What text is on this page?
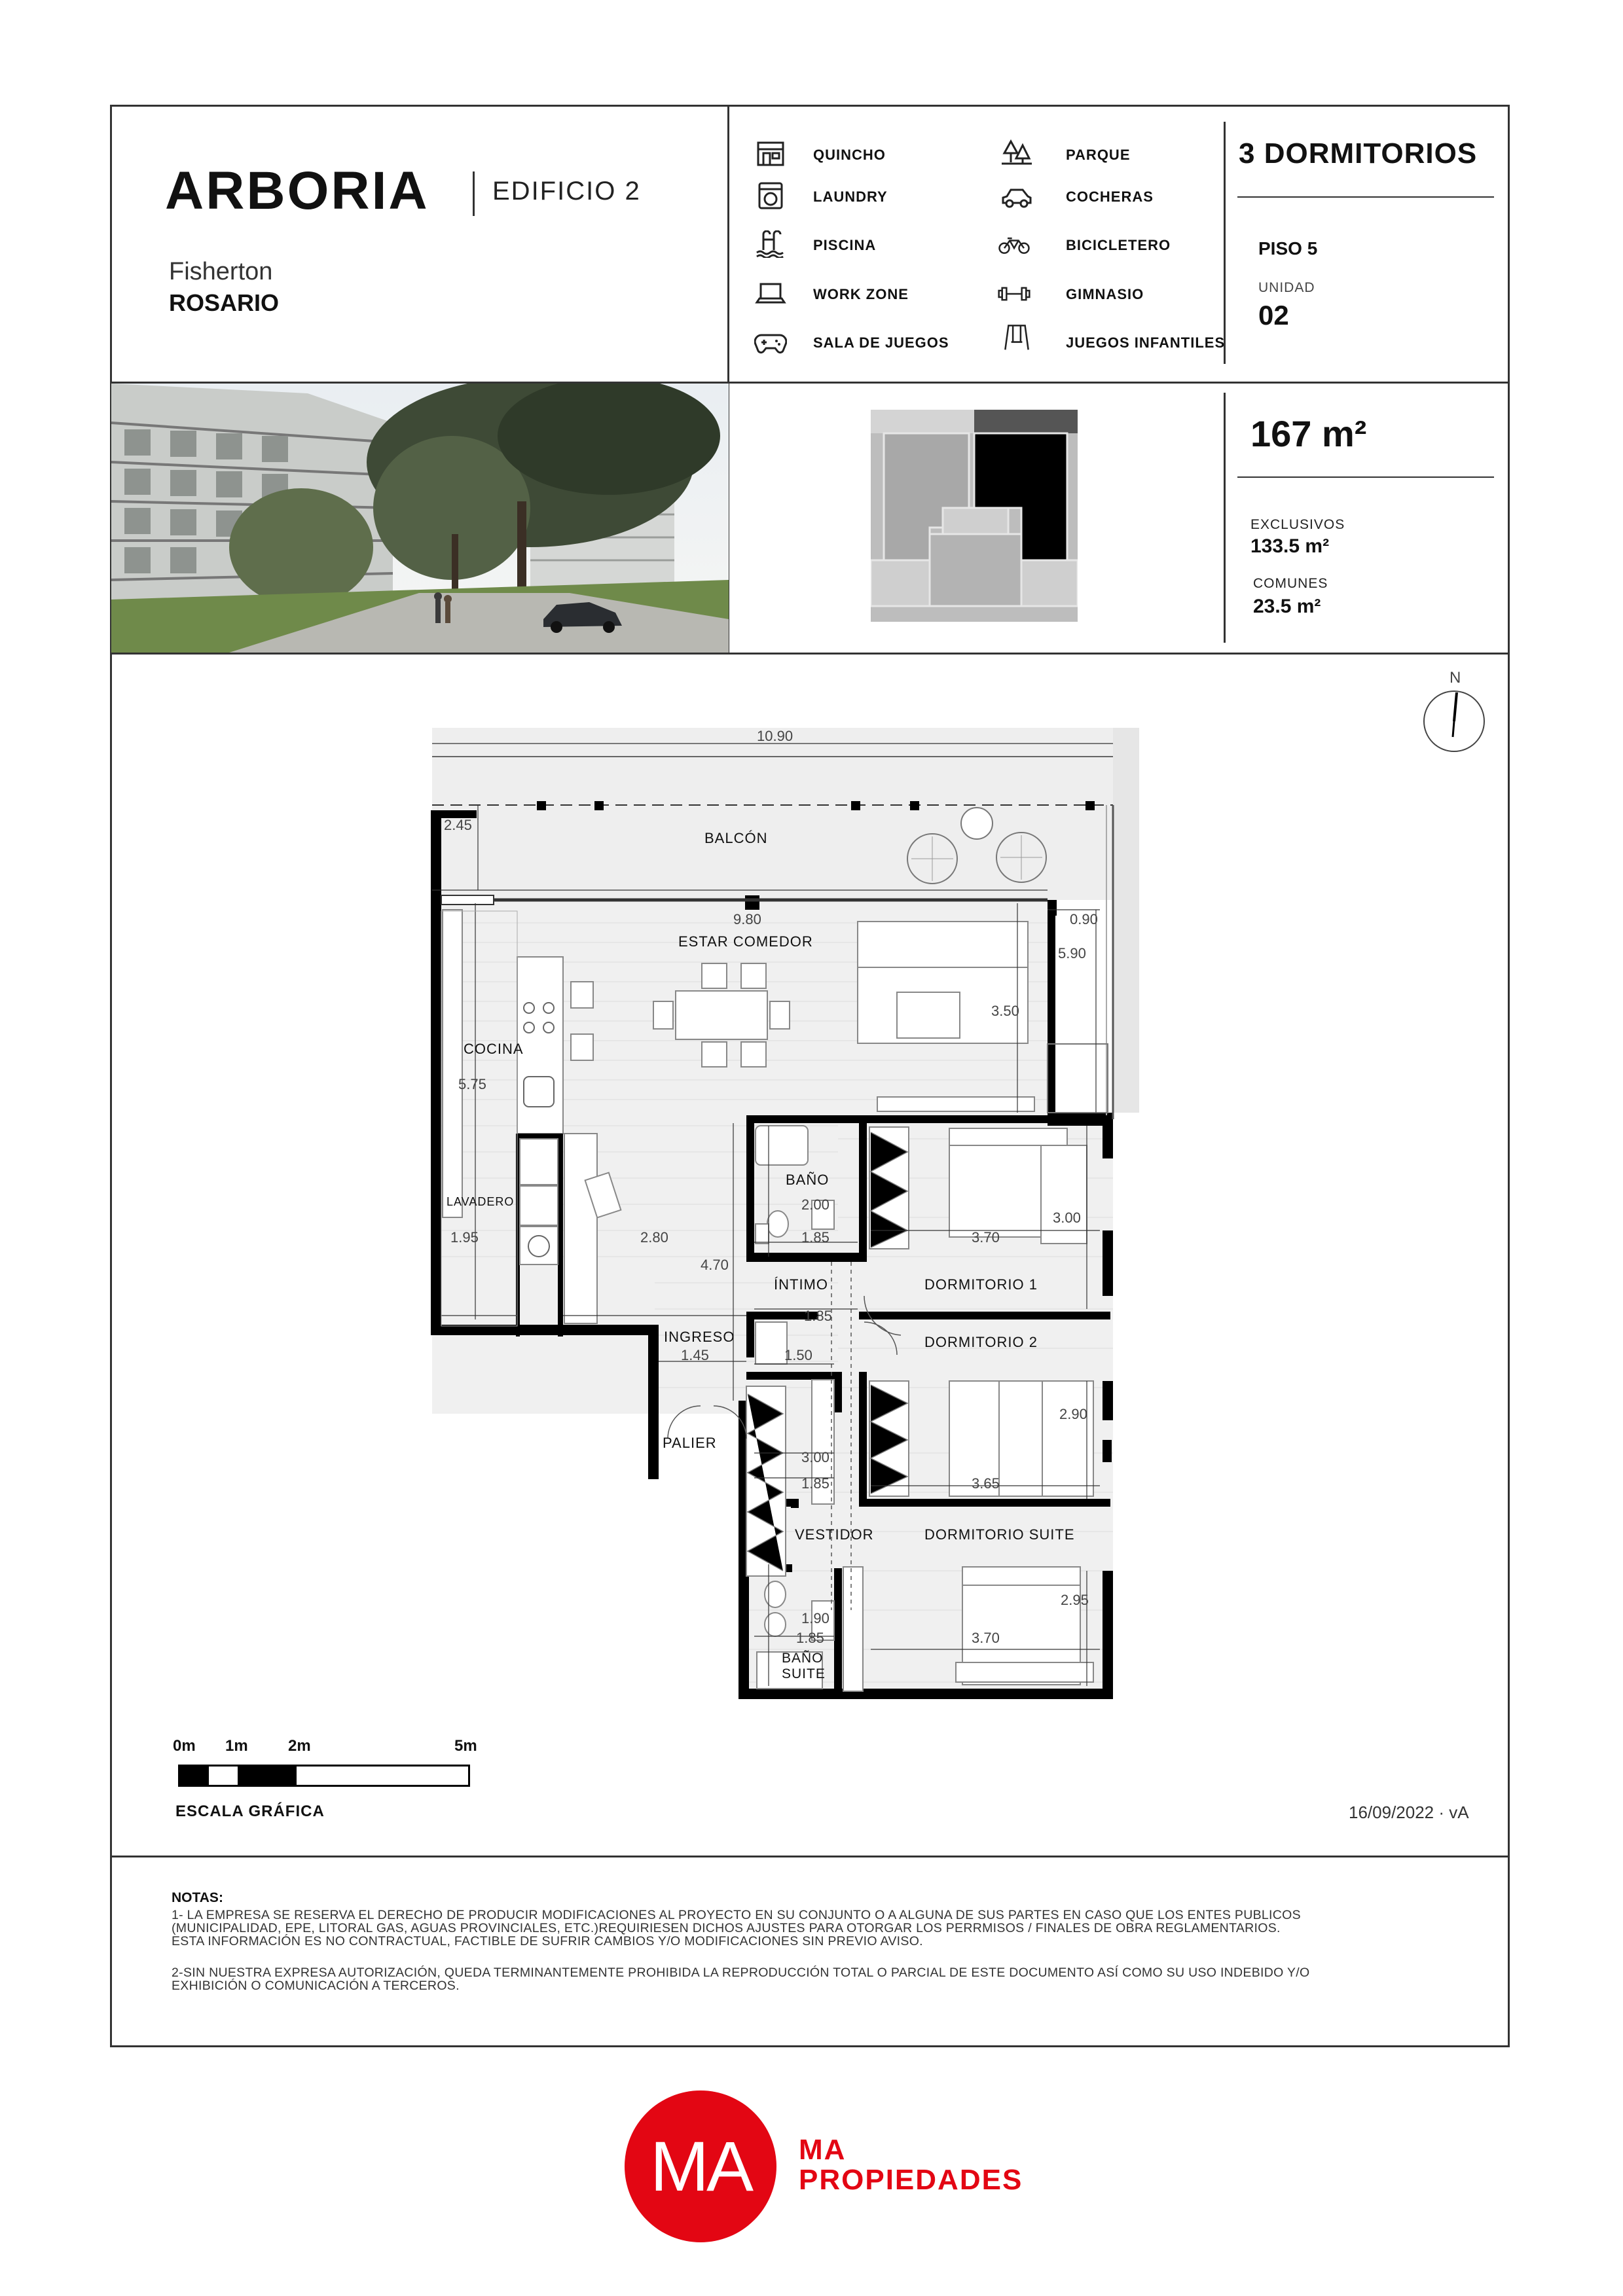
ARBORIA EDIFICIO 2
Fisherton
ROSARIO
QUINCHO
LAUNDRY
PISCINA
WORK ZONE
SALA DE JUEGOS
PARQUE
COCHERAS
BICICLETERO
GIMNASIO
JUEGOS INFANTILES
3 DORMITORIOS
PISO 5
UNIDAD
02
167 m²
EXCLUSIVOS
133.5 m²
COMUNES
23.5 m²
N
BALCÓN
ESTAR COMEDOR
COCINA
LAVADERO
BAÑO
ÍNTIMO	DORMITORIO 1
DORMITORIO 2
INGRESO
PALIER
VESTIDOR	DORMITORIO SUITE
BAÑO
SUITE
10.90
2.45
9.80	0.90
5.90
3.50
5.75
2.00
1.85	3.70
3.00
1.95	2.80
4.70
1.85
1.45	1.50
2.90
3.00
1.85	3.65
1.90
1.85	3.70
2.95
0m 1m	2m	5m
ESCALA GRÁFICA	16/09/2022 · vA
NOTAS:
1- LA EMPRESA SE RESERVA EL DERECHO DE PRODUCIR MODIFICACIONES AL PROYECTO EN SU CONJUNTO O A ALGUNA DE SUS PARTES EN CASO QUE LOS ENTES PUBLICOS
(MUNICIPALIDAD, EPE, LITORAL GAS, AGUAS PROVINCIALES, ETC.)REQUIRIESEN DICHOS AJUSTES PARA OTORGAR LOS PERRMISOS / FINALES DE OBRA REGLAMENTARIOS.
ESTA INFORMACIÓN ES NO CONTRACTUAL, FACTIBLE DE SUFRIR CAMBIOS Y/O MODIFICACIONES SIN PREVIO AVISO.
2-SIN NUESTRA EXPRESA AUTORIZACIÓN, QUEDA TERMINANTEMENTE PROHIBIDA LA REPRODUCCIÓN TOTAL O PARCIAL DE ESTE DOCUMENTO ASÍ COMO SU USO INDEBIDO Y/O
EXHIBICIÓN O COMUNICACIÓN A TERCEROS.
MA	MA
PROPIEDADES
